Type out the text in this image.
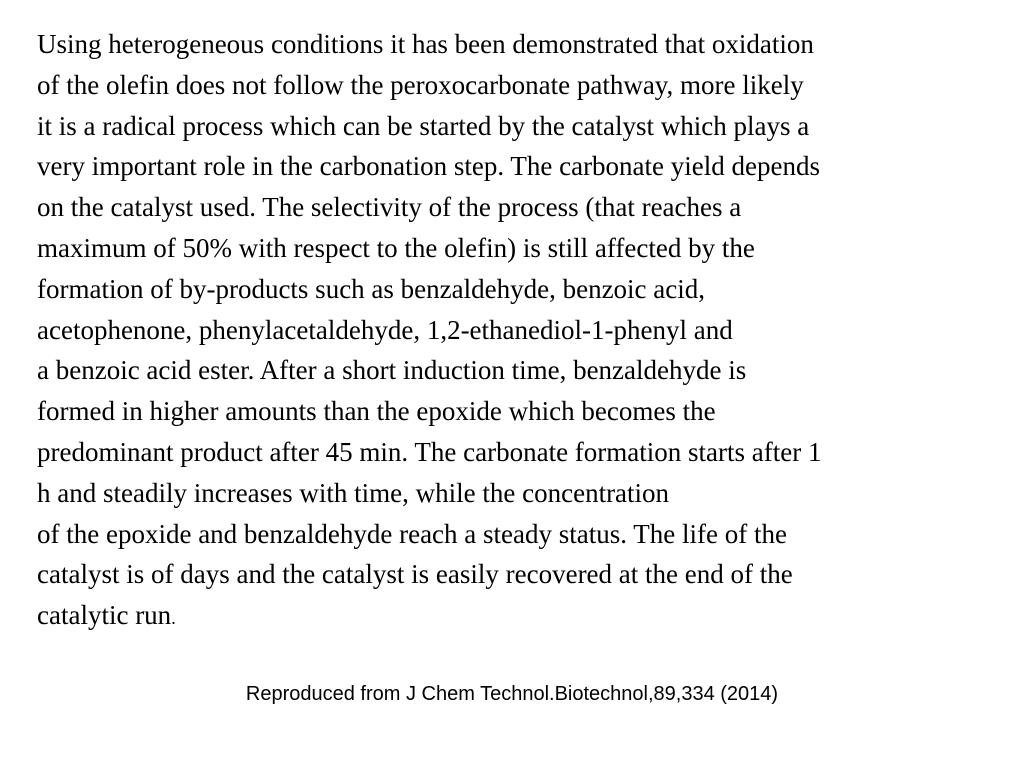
Using heterogeneous conditions it has been demonstrated that oxidation
of the olefin does not follow the peroxocarbonate pathway, more likely
it is a radical process which can be started by the catalyst which plays a
very important role in the carbonation step. The carbonate yield depends
on the catalyst used. The selectivity of the process (that reaches a
maximum of 50% with respect to the olefin) is still affected by the
formation of by-products such as benzaldehyde, benzoic acid,
acetophenone, phenylacetaldehyde, 1,2-ethanediol-1-phenyl and
a benzoic acid ester. After a short induction time, benzaldehyde is
formed in higher amounts than the epoxide which becomes the
predominant product after 45 min. The carbonate formation starts after 1
h and steadily increases with time, while the concentration
of the epoxide and benzaldehyde reach a steady status. The life of the
catalyst is of days and the catalyst is easily recovered at the end of the
catalytic run.

Reproduced from J Chem Technol.Biotechnol,89,334 (2014)
